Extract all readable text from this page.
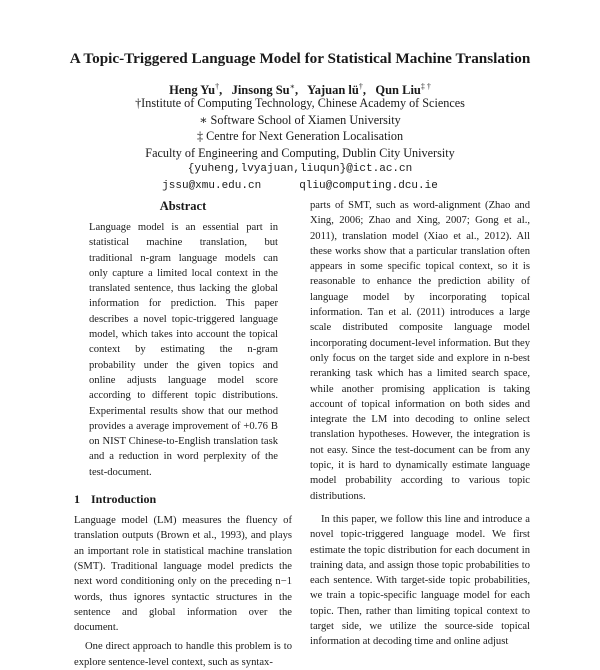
A Topic-Triggered Language Model for Statistical Machine Translation
Heng Yu†,   Jinsong Su∗,   Yajuan lü†,   Qun Liu‡ †
†Institute of Computing Technology, Chinese Academy of Sciences
∗ Software School of Xiamen University
‡ Centre for Next Generation Localisation
Faculty of Engineering and Computing, Dublin City University
{yuheng,lvyajuan,liuqun}@ict.ac.cn
jssu@xmu.edu.cn	qliu@computing.dcu.ie
Abstract

Language model is an essential part in statistical machine translation, but traditional n-gram language models can only capture a limited local context in the translated sentence, thus lacking the global information for prediction. This paper describes a novel topic-triggered language model, which takes into account the topical context by estimating the n-gram probability under the given topics and online adjusts language model score according to different topic distributions. Experimental results show that our method provides a average improvement of +0.76 B on NIST Chinese-to-English translation task and a reduction in word perplexity of the test-document.

1 Introduction

Language model (LM) measures the fluency of translation outputs (Brown et al., 1993), and plays an important role in statistical machine translation (SMT). Traditional language model predicts the next word conditioning only on the preceding n−1 words, thus ignores syntactic structures in the sentence and global information over the document.

One direct approach to handle this problem is to explore sentence-level context, such as syntax-

parts of SMT, such as word-alignment (Zhao and Xing, 2006; Zhao and Xing, 2007; Gong et al., 2011), translation model (Xiao et al., 2012). All these works show that a particular translation often appears in some specific topical context, so it is reasonable to enhance the prediction ability of language model by incorporating topical information. Tan et al. (2011) introduces a large scale distributed composite language model incorporating document-level information. But they only focus on the target side and explore in n-best reranking task which has a limited search space, while another promising application is taking account of topical information on both sides and integrate the LM into decoding to online select translation hypotheses. However, the integration is not easy. Since the test-document can be from any topic, it is hard to dynamically estimate language model probability according to various topic distributions.

In this paper, we follow this line and introduce a novel topic-triggered language model. We first estimate the topic distribution for each document in training data, and assign those topic probabilities to each sentence. With target-side topic probabilities, we train a topic-specific language model for each topic. Then, rather than limiting topical context to target side, we utilize the source-side topical information at decoding time and online adjust
